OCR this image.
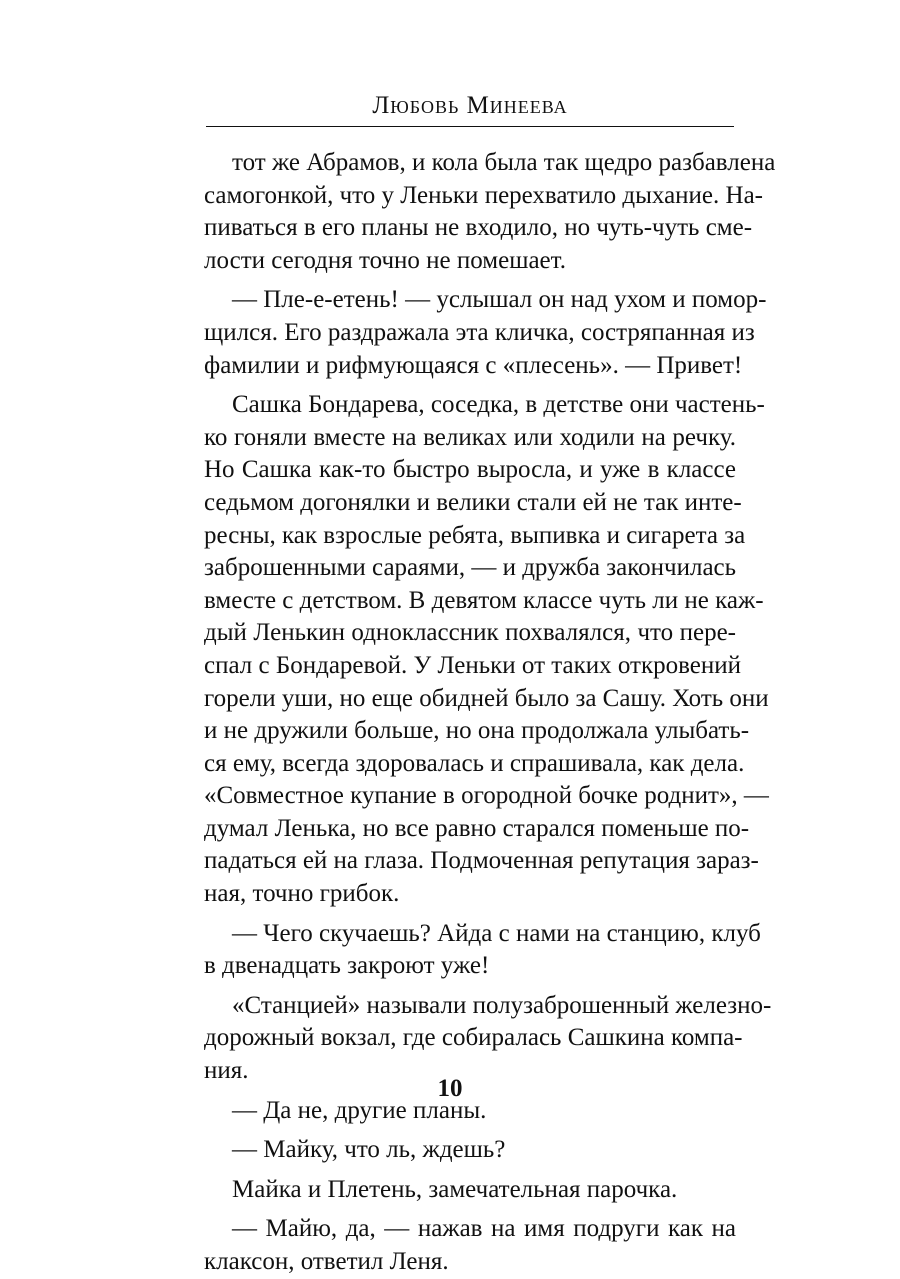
Любовь Минеева
тот же Абрамов, и кола была так щедро разбавлена
самогонкой, что у Леньки перехватило дыхание. На-
пиваться в его планы не входило, но чуть-чуть сме-
лости сегодня точно не помешает.
— Пле-е-етень! — услышал он над ухом и помор-
щился. Его раздражала эта кличка, состряпанная из
фамилии и рифмующаяся с «плесень». — Привет!
Сашка Бондарева, соседка, в детстве они частень-
ко гоняли вместе на великах или ходили на речку.
Но Сашка как-то быстро выросла, и уже в классе
седьмом догонялки и велики стали ей не так инте-
ресны, как взрослые ребята, выпивка и сигарета за
заброшенными сараями, — и дружба закончилась
вместе с детством. В девятом классе чуть ли не каж-
дый Ленькин одноклассник похвалялся, что пере-
спал с Бондаревой. У Леньки от таких откровений
горели уши, но еще обидней было за Сашу. Хоть они
и не дружили больше, но она продолжала улыбать-
ся ему, всегда здоровалась и спрашивала, как дела.
«Совместное купание в огородной бочке роднит», —
думал Ленька, но все равно старался поменьше по-
падаться ей на глаза. Подмоченная репутация зараз-
ная, точно грибок.
— Чего скучаешь? Айда с нами на станцию, клуб
в двенадцать закроют уже!
«Станцией» называли полузаброшенный железно-
дорожный вокзал, где собиралась Сашкина компа-
ния.
— Да не, другие планы.
— Майку, что ль, ждешь?
Майка и Плетень, замечательная парочка.
— Майю, да, — нажав на имя подруги как на
клаксон, ответил Леня.
10
